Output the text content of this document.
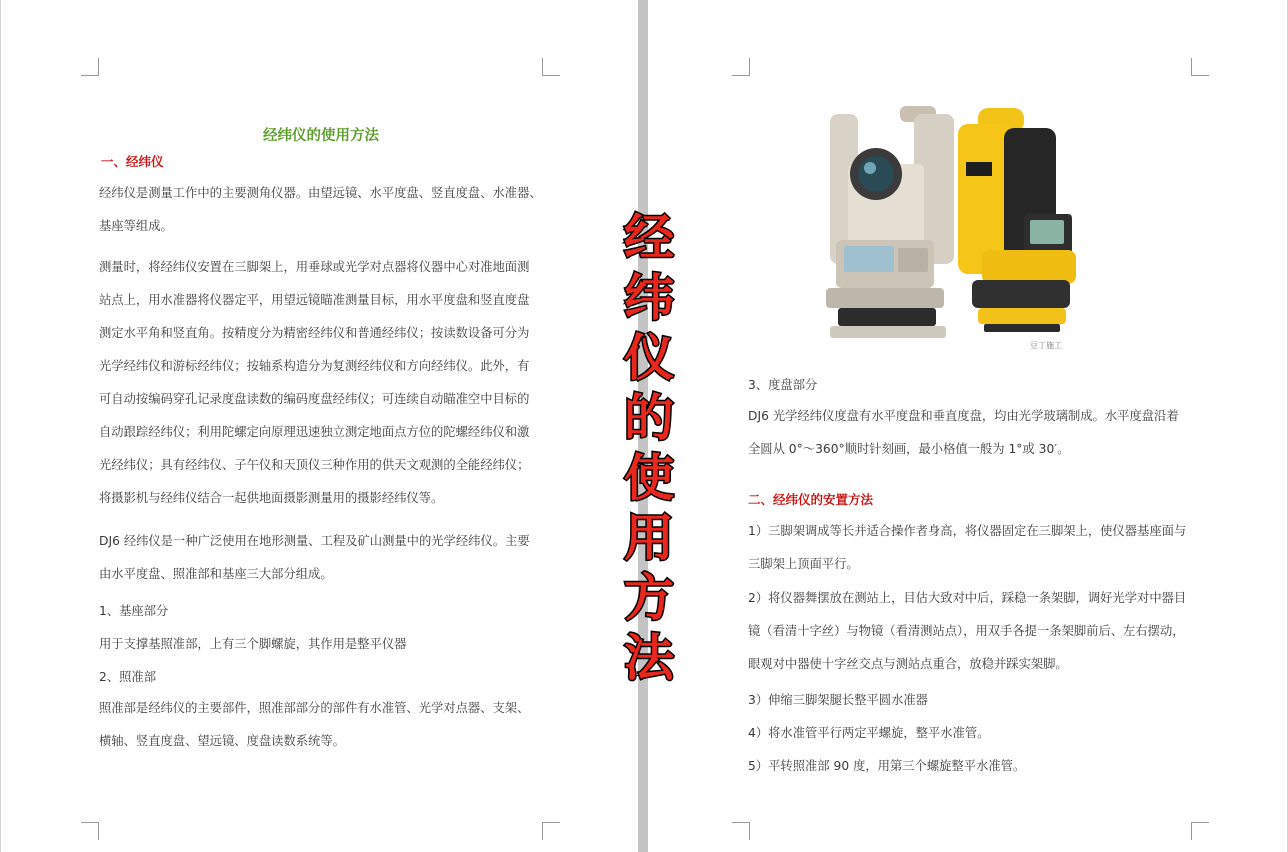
经纬仪的使用方法
一、经纬仪
经纬仪是测量工作中的主要测角仪器。由望远镜、水平度盘、竖直度盘、水准器、
基座等组成。
测量时，将经纬仪安置在三脚架上，用垂球或光学对点器将仪器中心对准地面测
站点上，用水准器将仪器定平，用望远镜瞄准测量目标，用水平度盘和竖直度盘
测定水平角和竖直角。按精度分为精密经纬仪和普通经纬仪；按读数设备可分为
光学经纬仪和游标经纬仪；按轴系构造分为复测经纬仪和方向经纬仪。此外，有
可自动按编码穿孔记录度盘读数的编码度盘经纬仪；可连续自动瞄准空中目标的
自动跟踪经纬仪；利用陀螺定向原理迅速独立测定地面点方位的陀螺经纬仪和激
光经纬仪；具有经纬仪、子午仪和天顶仪三种作用的供天文观测的全能经纬仪；
将摄影机与经纬仪结合一起供地面摄影测量用的摄影经纬仪等。
DJ6 经纬仪是一种广泛使用在地形测量、工程及矿山测量中的光学经纬仪。主要
由水平度盘、照准部和基座三大部分组成。
1、基座部分
用于支撑基照准部，上有三个脚螺旋，其作用是整平仪器
2、照准部
照准部是经纬仪的主要部件，照准部部分的部件有水准管、光学对点器、支架、
横轴、竖直度盘、望远镜、度盘读数系统等。
3、度盘部分
DJ6 光学经纬仪度盘有水平度盘和垂直度盘，均由光学玻璃制成。水平度盘沿着
全圆从 0°～360°顺时针刻画，最小格值一般为 1°或 30′。
二、经纬仪的安置方法
1）三脚架调成等长并适合操作者身高，将仪器固定在三脚架上，使仪器基座面与
三脚架上顶面平行。
2）将仪器舞摆放在测站上，目估大致对中后，踩稳一条架脚，调好光学对中器目
镜（看清十字丝）与物镜（看清测站点），用双手各提一条架脚前后、左右摆动，
眼观对中器使十字丝交点与测站点重合，放稳并踩实架脚。
3）伸缩三脚架腿长整平圆水准器
4）将水准管平行两定平螺旋，整平水准管。
5）平转照准部 90 度，用第三个螺旋整平水准管。
豆丁施工
经
纬
仪
的
使
用
方
法
